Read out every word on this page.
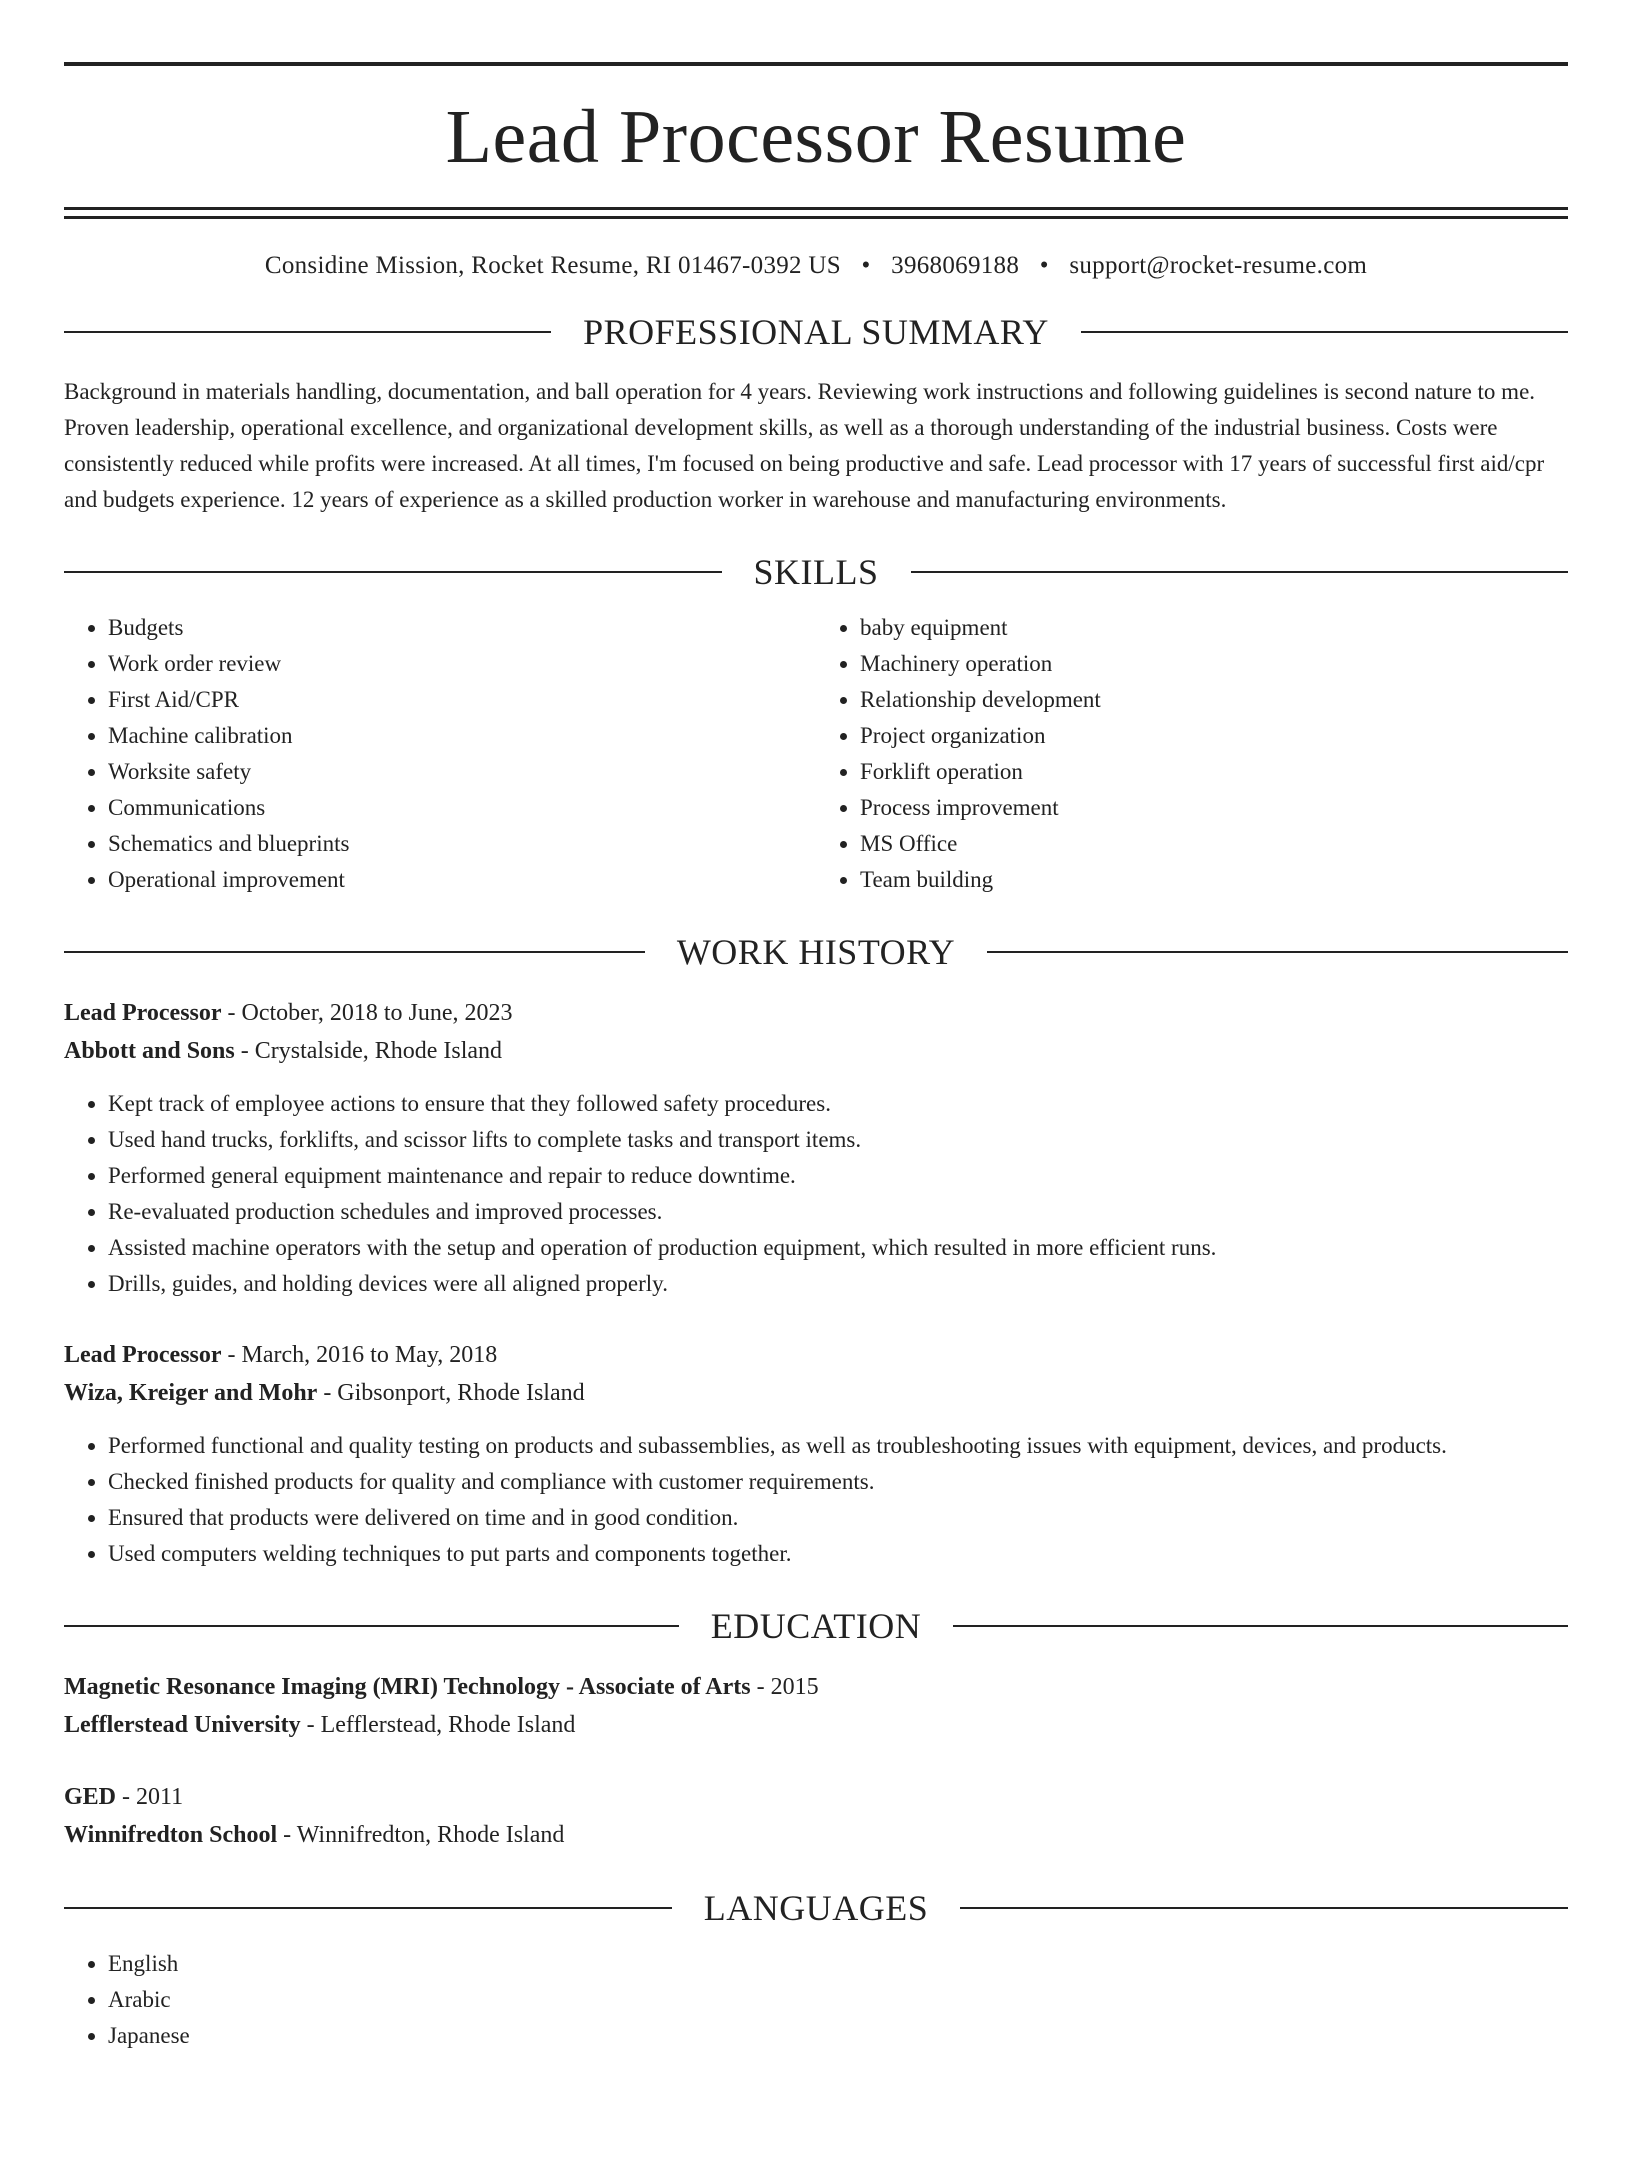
Lead Processor Resume
Considine Mission, Rocket Resume, RI 01467-0392 US • 3968069188 • support@rocket-resume.com
PROFESSIONAL SUMMARY

Background in materials handling, documentation, and ball operation for 4 years. Reviewing work instructions and following guidelines is second nature to me. Proven leadership, operational excellence, and organizational development skills, as well as a thorough understanding of the industrial business. Costs were consistently reduced while profits were increased. At all times, I'm focused on being productive and safe. Lead processor with 17 years of successful first aid/cpr and budgets experience. 12 years of experience as a skilled production worker in warehouse and manufacturing environments.

SKILLS
• Budgets
• Work order review
• First Aid/CPR
• Machine calibration
• Worksite safety
• Communications
• Schematics and blueprints
• Operational improvement
• baby equipment
• Machinery operation
• Relationship development
• Project organization
• Forklift operation
• Process improvement
• MS Office
• Team building
WORK HISTORY
Lead Processor - October, 2018 to June, 2023
Abbott and Sons - Crystalside, Rhode Island
• Kept track of employee actions to ensure that they followed safety procedures.
• Used hand trucks, forklifts, and scissor lifts to complete tasks and transport items.
• Performed general equipment maintenance and repair to reduce downtime.
• Re-evaluated production schedules and improved processes.
• Assisted machine operators with the setup and operation of production equipment, which resulted in more efficient runs.
• Drills, guides, and holding devices were all aligned properly.
Lead Processor - March, 2016 to May, 2018
Wiza, Kreiger and Mohr - Gibsonport, Rhode Island
• Performed functional and quality testing on products and subassemblies, as well as troubleshooting issues with equipment, devices, and products.
• Checked finished products for quality and compliance with customer requirements.
• Ensured that products were delivered on time and in good condition.
• Used computers welding techniques to put parts and components together.
EDUCATION
Magnetic Resonance Imaging (MRI) Technology - Associate of Arts - 2015
Lefflerstead University - Lefflerstead, Rhode Island
GED - 2011
Winnifredton School - Winnifredton, Rhode Island
LANGUAGES
• English
• Arabic
• Japanese
